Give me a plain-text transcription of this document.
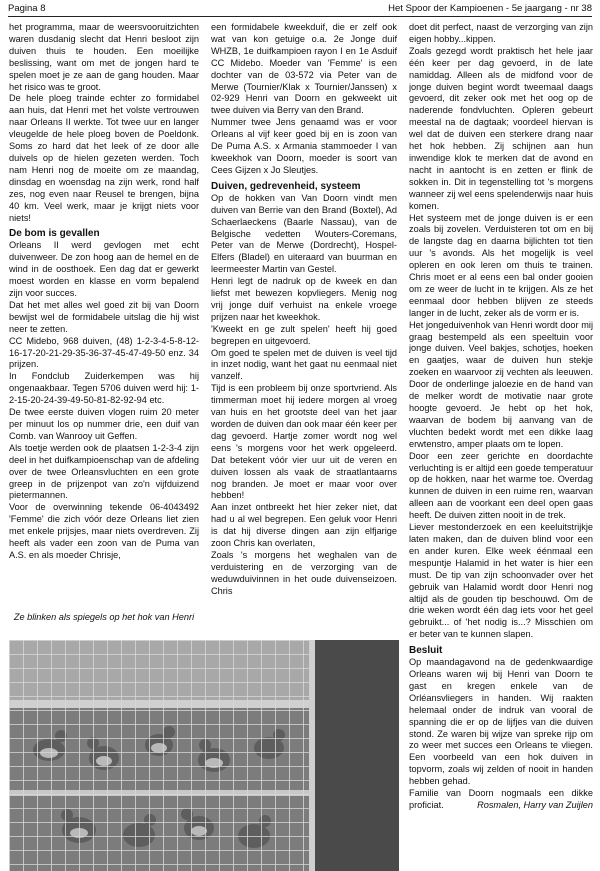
Pagina 8	Het Spoor der Kampioenen - 5e jaargang - nr 38

het programma, maar de weersvooruitzichten waren dusdanig slecht dat Henri besloot zijn duiven thuis te houden. Een moeilijke beslissing, want om met de jongen hard te spelen moet je ze aan de gang houden. Maar het risico was te groot.

De hele ploeg trainde echter zo formidabel aan huis, dat Henri met het volste vertrouwen naar Orleans II werkte. Tot twee uur en langer vleugelde de hele ploeg boven de Poeldonk. Soms zo hard dat het leek of ze door alle duivels op de hielen gezeten werden. Toch nam Henri nog de moeite om ze maandag, dinsdag en woensdag na zijn werk, rond half zes, nog even naar Reusel te brengen, bijna 40 km. Veel werk, maar je krijgt niets voor niets!

De bom is gevallen

Orleans II werd gevlogen met echt duivenweer. De zon hoog aan de hemel en de wind in de oosthoek. Een dag dat er gewerkt moest worden en klasse en vorm bepalend zijn voor succes.

Dat het met alles wel goed zit bij van Doorn bewijst wel de formidabele uitslag die hij wist neer te zetten.

CC Midebo, 968 duiven, (48) 1-2-3-4-5-8-12-16-17-20-21-29-35-36-37-45-47-49-50 enz. 34 prijzen.

In Fondclub Zuiderkempen was hij ongenaakbaar. Tegen 5706 duiven werd hij: 1-2-15-20-24-39-49-50-81-82-92-94 etc.

De twee eerste duiven vlogen ruim 20 meter per minuut los op nummer drie, een duif van Comb. van Wanrooy uit Geffen.

Als toetje werden ook de plaatsen 1-2-3-4 zijn deel in het duifkampioenschap van de afdeling over de twee Orleansvluchten en een grote greep in de prijzenpot van zo'n vijfduizend pietermannen.

Voor de overwinning tekende 06-4043492 'Femme' die zich vóór deze Orleans liet zien met enkele prijsjes, maar niets overdreven. Zij heeft als vader een zoon van de Puma van A.S. en als moeder Chrisje,

Ze blinken als spiegels op het hok van Henri

een formidabele kweekduif, die er zelf ook wat van kon getuige o.a. 2e Jonge duif WHZB, 1e duifkampioen rayon I en 1e Asduif CC Midebo. Moeder van 'Femme' is een dochter van de 03-572 via Peter van de Merwe (Tournier/Klak x Tournier/Janssen) x 02-929 Henri van Doorn en gekweekt uit twee duiven via Berry van den Brand.

Nummer twee Jens genaamd was er voor Orleans al vijf keer goed bij en is zoon van De Puma A.S. x Armania stammoeder I van kweekhok van Doorn, moeder is soort van Cees Gijzen x Jo Sleutjes.

Duiven, gedrevenheid, systeem

Op de hokken van Van Doorn vindt men duiven van Berrie van den Brand (Boxtel), Ad Schaerlaeckens (Baarle Nassau), van de Belgische vedetten Wouters-Coremans, Peter van de Merwe (Dordrecht), Hospel-Elfers (Bladel) en uiteraard van buurman en leermeester Martin van Gestel.

Henri legt de nadruk op de kweek en dan liefst met bewezen kopvliegers. Menig nog vrij jonge duif verhuist na enkele vroege prijzen naar het kweekhok.

'Kweekt en ge zult spelen' heeft hij goed begrepen en uitgevoerd.

Om goed te spelen met de duiven is veel tijd in inzet nodig, want het gaat nu eenmaal niet vanzelf.

Tijd is een probleem bij onze sportvriend. Als timmerman moet hij iedere morgen al vroeg van huis en het grootste deel van het jaar worden de duiven dan ook maar één keer per dag gevoerd. Hartje zomer wordt nog wel eens 's morgens voor het werk opgeleerd. Dat betekent vóór vier uur uit de veren en duiven lossen als vaak de straatlantaarns nog branden. Je moet er maar voor over hebben!

Aan inzet ontbreekt het hier zeker niet, dat had u al wel begrepen. Een geluk voor Henri is dat hij diverse dingen aan zijn elfjarige zoon Chris kan overlaten,

Zoals 's morgens het weghalen van de verduistering en de verzorging van de weduwduivinnen in het oude duivenseizoen. Chris

doet dit perfect, naast de verzorging van zijn eigen hobby...kippen.

Zoals gezegd wordt praktisch het hele jaar één keer per dag gevoerd, in de late namiddag. Alleen als de midfond voor de jonge duiven begint wordt tweemaal daags gevoerd, dit zeker ook met het oog op de naderende fondvluchten. Opleren gebeurt meestal na de dagtaak; voordeel hiervan is wel dat de duiven een sterkere drang naar het hok hebben. Zij schijnen aan hun inwendige klok te merken dat de avond en nacht in aantocht is en zetten er flink de sokken in. Dit in tegenstelling tot 's morgens wanneer zij wel eens spelenderwijs naar huis komen.

Het systeem met de jonge duiven is er een zoals bij zovelen. Verduisteren tot om en bij de langste dag en daarna bijlichten tot tien uur 's avonds. Als het mogelijk is veel opleren en ook leren om thuis te trainen. Chris moet er al eens een bal onder gooien om ze weer de lucht in te krijgen. Als ze het eenmaal door hebben blijven ze steeds langer in de lucht, zeker als de vorm er is.

Het jongeduivenhok van Henri wordt door mij graag bestempeld als een speeltuin voor jonge duiven. Veel bakjes, schotjes, hoeken en gaatjes, waar de duiven hun stekje zoeken en waarvoor zij vechten als leeuwen. Door de onderlinge jaloezie en de hand van de melker wordt de motivatie naar grote hoogte gevoerd. Je hebt op het hok, waarvan de bodem bij aanvang van de vluchten bedekt wordt met een dikke laag erwtenstro, amper plaats om te lopen.

Door een zeer gerichte en doordachte verluchting is er altijd een goede temperatuur op de hokken, naar het warme toe. Overdag kunnen de duiven in een ruime ren, waarvan alleen aan de voorkant een deel open gaas heeft. De duiven zitten nooit in de trek.

Liever mestonderzoek en een keeluitstrijkje laten maken, dan de duiven blind voor een en ander kuren. Elke week éénmaal een mespuntje Halamid in het water is hier een must. De tip van zijn schoonvader over het gebruik van Halamid wordt door Henri nog altijd als de gouden tip beschouwd. Om de drie weken wordt één dag iets voor het geel gebruikt... of 'het nodig is...? Misschien om er beter van te kunnen slapen.

Besluit

Op maandagavond na de gedenkwaardige Orleans waren wij bij Henri van Doorn te gast en kregen enkele van de Orléansvliegers in handen. Wij raakten helemaal onder de indruk van vooral de spanning die er op de lijfjes van die duiven stond. Ze waren bij wijze van spreke rijp om zo weer met succes een Orleans te vliegen. Een voorbeeld van een hok duiven in topvorm, zoals wij zelden of nooit in handen hebben gehad.

Familie van Doorn nogmaals een dikke proficiat.	Rosmalen, Harry van Zuijlen
